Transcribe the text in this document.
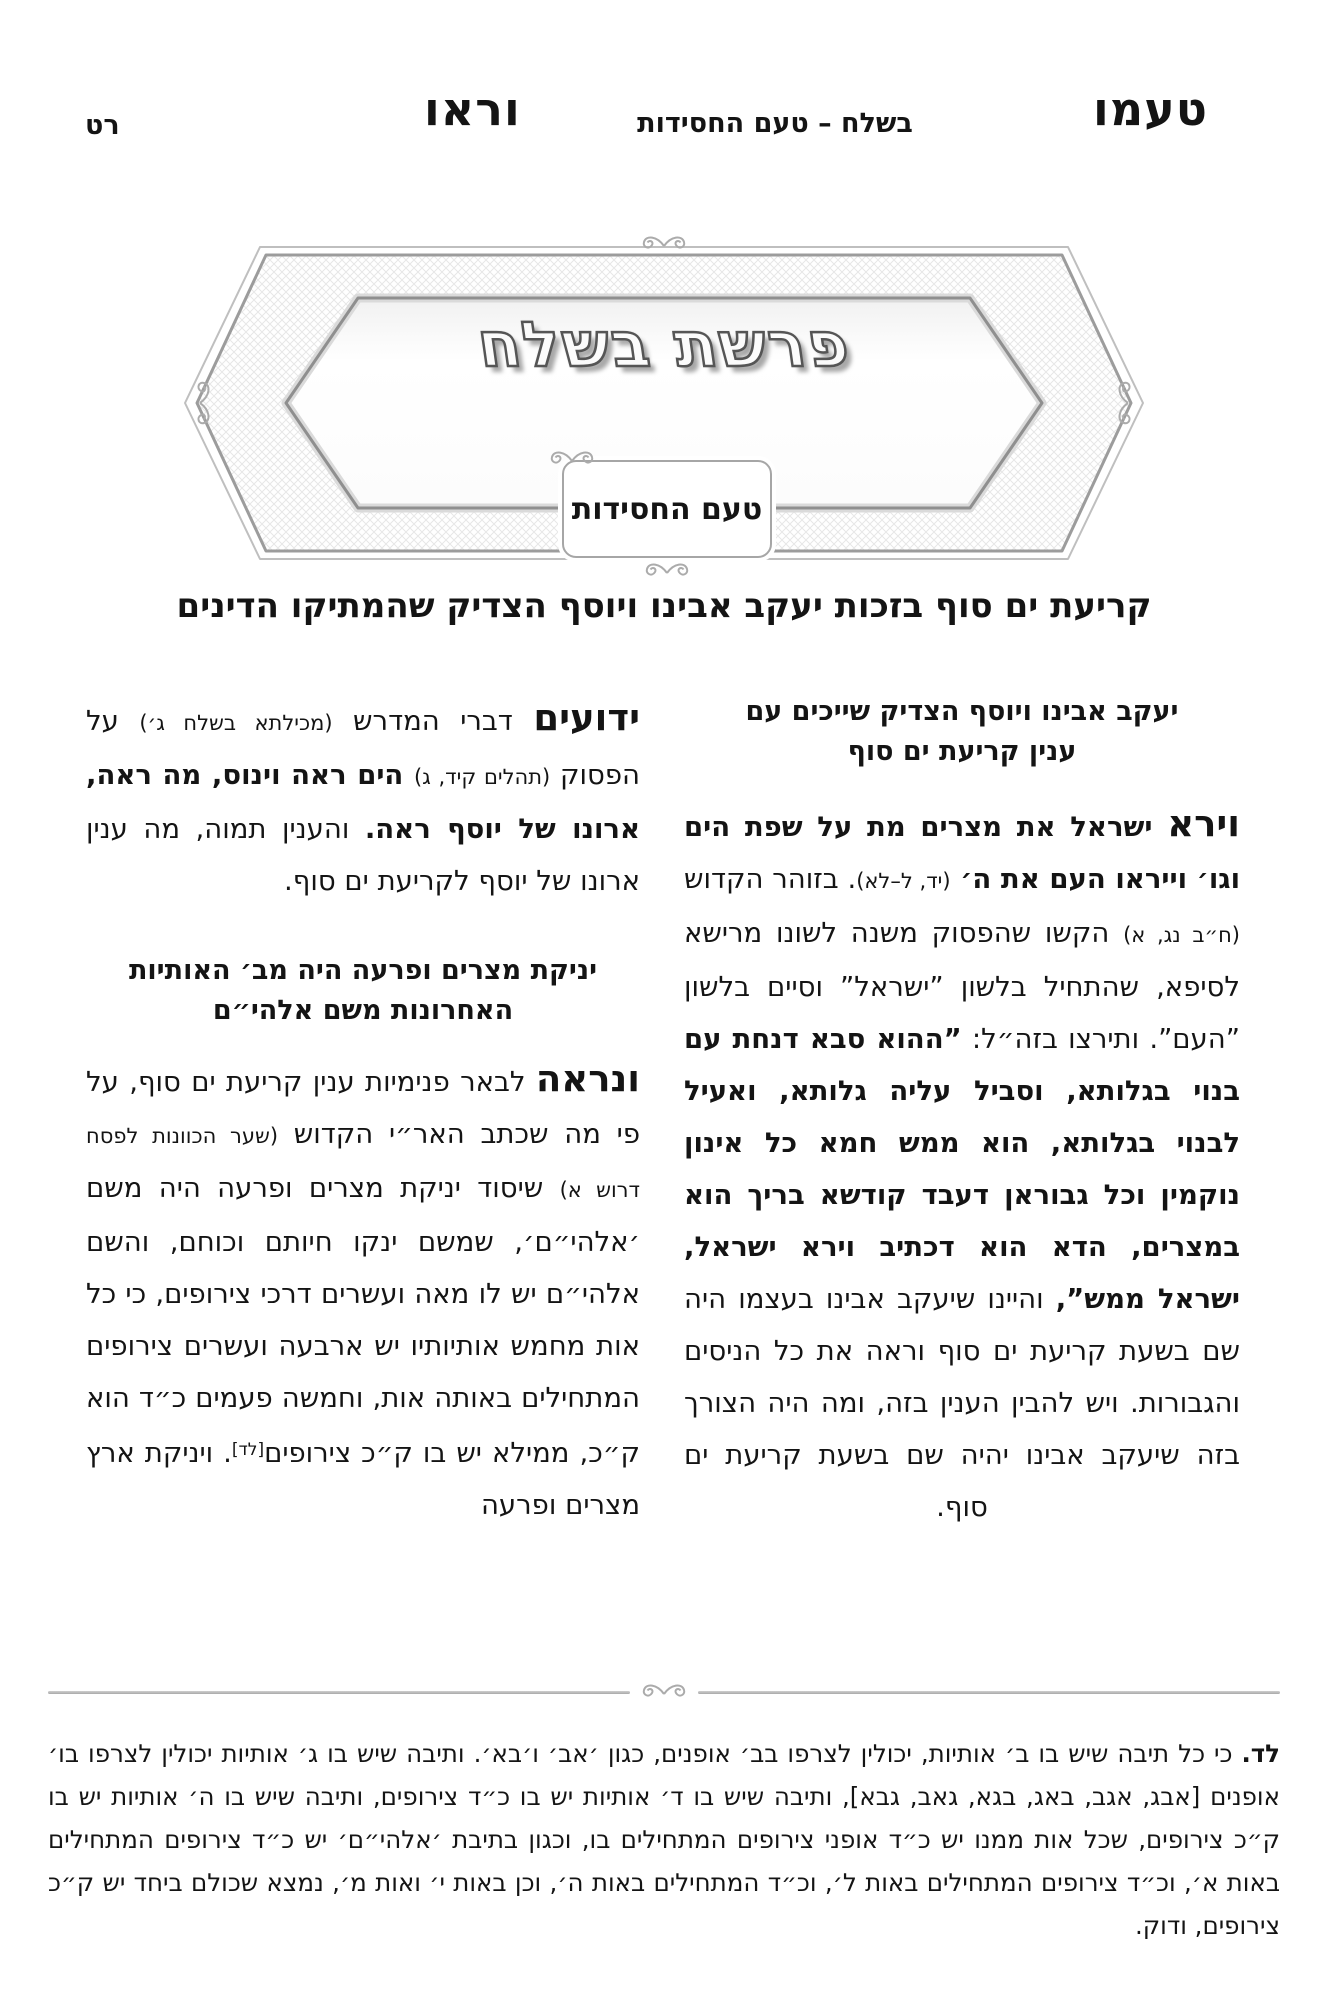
טעמו
בשלח – טעם החסידות
וראו
רט
פרשת בשלח
טעם החסידות
קריעת ים סוף בזכות יעקב אבינו ויוסף הצדיק שהמתיקו הדינים
יעקב אבינו ויוסף הצדיק שייכים עם ענין קריעת ים סוף

וירא ישראל את מצרים מת על שפת הים וגו׳ וייראו העם את ה׳ (יד, ל–לא). בזוהר הקדוש (ח״ב נג, א) הקשו שהפסוק משנה לשונו מרישא לסיפא, שהתחיל בלשון ”ישראל” וסיים בלשון ”העם”. ותירצו בזה״ל: ”ההוא סבא דנחת עם בנוי בגלותא, וסביל עליה גלותא, ואעיל לבנוי בגלותא, הוא ממש חמא כל אינון נוקמין וכל גבוראן דעבד קודשא בריך הוא במצרים, הדא הוא דכתיב וירא ישראל, ישראל ממש”, והיינו שיעקב אבינו בעצמו היה שם בשעת קריעת ים סוף וראה את כל הניסים והגבורות. ויש להבין הענין בזה, ומה היה הצורך בזה שיעקב אבינו יהיה שם בשעת קריעת ים סוף.

ידועים דברי המדרש (מכילתא בשלח ג׳) על הפסוק (תהלים קיד, ג) הים ראה וינוס, מה ראה, ארונו של יוסף ראה. והענין תמוה, מה ענין ארונו של יוסף לקריעת ים סוף.

יניקת מצרים ופרעה היה מב׳ האותיות האחרונות משם אלהי״ם

ונראה לבאר פנימיות ענין קריעת ים סוף, על פי מה שכתב האר״י הקדוש (שער הכוונות לפסח דרוש א) שיסוד יניקת מצרים ופרעה היה משם ׳אלהי״ם׳, שמשם ינקו חיותם וכוחם, והשם אלהי״ם יש לו מאה ועשרים דרכי צירופים, כי כל אות מחמש אותיותיו יש ארבעה ועשרים צירופים המתחילים באותה אות, וחמשה פעמים כ״ד הוא ק״כ, ממילא יש בו ק״כ צירופים[לד]. ויניקת ארץ מצרים ופרעה

לד. כי כל תיבה שיש בו ב׳ אותיות, יכולין לצרפו בב׳ אופנים, כגון ׳אב׳ ו׳בא׳. ותיבה שיש בו ג׳ אותיות יכולין לצרפו בו׳ אופנים [אבג, אגב, באג, בגא, גאב, גבא], ותיבה שיש בו ד׳ אותיות יש בו כ״ד צירופים, ותיבה שיש בו ה׳ אותיות יש בו ק״כ צירופים, שכל אות ממנו יש כ״ד אופני צירופים המתחילים בו, וכגון בתיבת ׳אלהי״ם׳ יש כ״ד צירופים המתחילים באות א׳, וכ״ד צירופים המתחילים באות ל׳, וכ״ד המתחילים באות ה׳, וכן באות י׳ ואות מ׳, נמצא שכולם ביחד יש ק״כ צירופים, ודוק.
